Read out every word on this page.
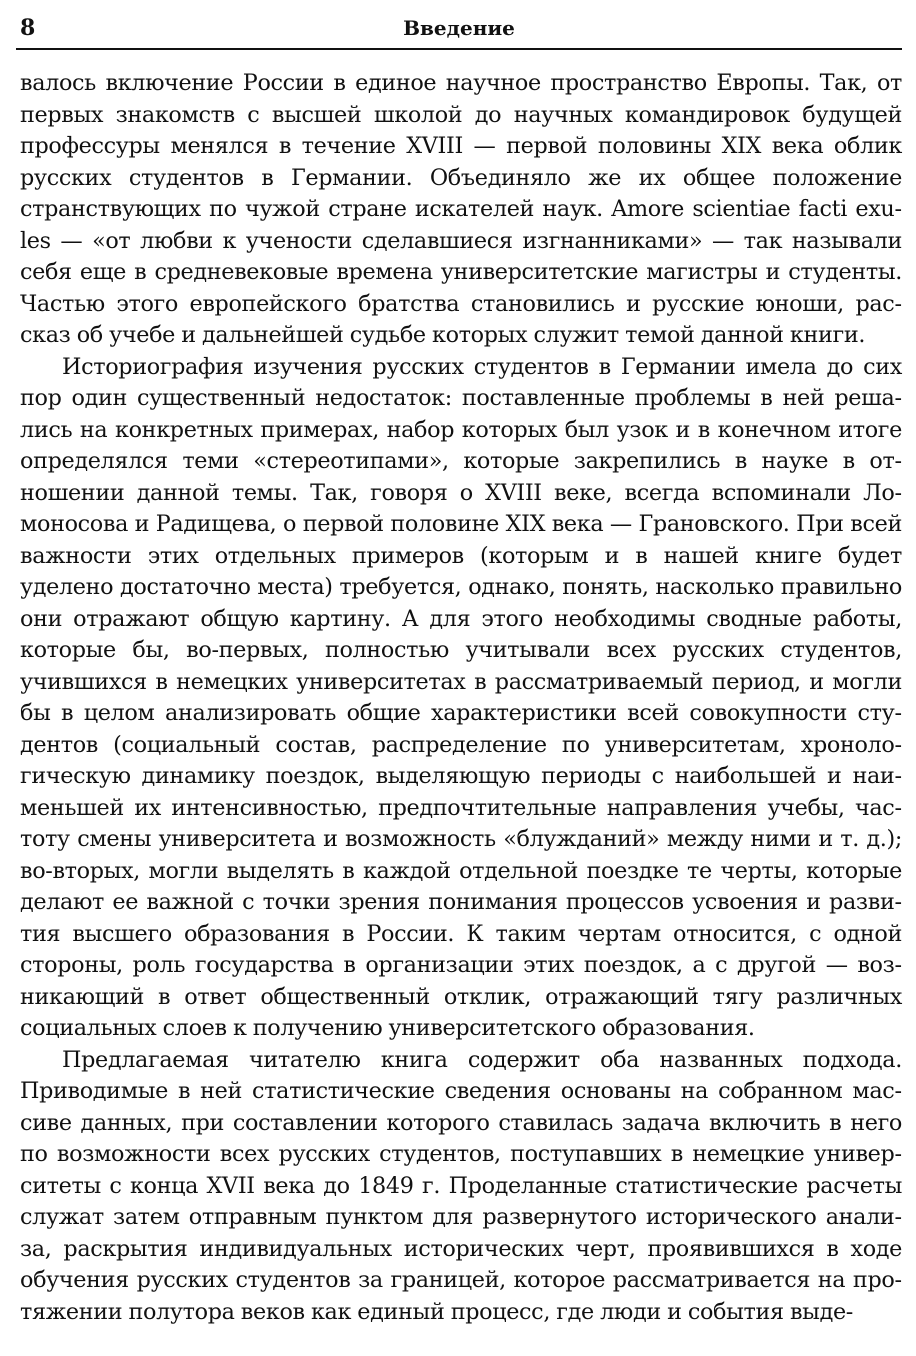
8	Введение

валось включение России в единое научное пространство Европы. Так, от первых знакомств с высшей школой до научных командировок будущей профессуры менялся в течение XVIII — первой половины XIX века облик русских студентов в Германии. Объединяло же их общее положение странствующих по чужой стране искателей наук. Amore scientiae facti exules — «от любви к учености сделавшиеся изгнанниками» — так называли себя еще в средневековые времена университетские магистры и студенты. Частью этого европейского братства становились и русские юноши, рассказ об учебе и дальнейшей судьбе которых служит темой данной книги.

Историография изучения русских студентов в Германии имела до сих пор один существенный недостаток: поставленные проблемы в ней решались на конкретных примерах, набор которых был узок и в конечном итоге определялся теми «стереотипами», которые закрепились в науке в отношении данной темы. Так, говоря о XVIII веке, всегда вспоминали Ломоносова и Радищева, о первой половине XIX века — Грановского. При всей важности этих отдельных примеров (которым и в нашей книге будет уделено достаточно места) требуется, однако, понять, насколько правильно они отражают общую картину. А для этого необходимы сводные работы, которые бы, во-первых, полностью учитывали всех русских студентов, учившихся в немецких университетах в рассматриваемый период, и могли бы в целом анализировать общие характеристики всей совокупности студентов (социальный состав, распределение по университетам, хронологическую динамику поездок, выделяющую периоды с наибольшей и наименьшей их интенсивностью, предпочтительные направления учебы, частоту смены университета и возможность «блужданий» между ними и т. д.); во-вторых, могли выделять в каждой отдельной поездке те черты, которые делают ее важной с точки зрения понимания процессов усвоения и развития высшего образования в России. К таким чертам относится, с одной стороны, роль государства в организации этих поездок, а с другой — возникающий в ответ общественный отклик, отражающий тягу различных социальных слоев к получению университетского образования.

Предлагаемая читателю книга содержит оба названных подхода. Приводимые в ней статистические сведения основаны на собранном массиве данных, при составлении которого ставилась задача включить в него по возможности всех русских студентов, поступавших в немецкие университеты с конца XVII века до 1849 г. Проделанные статистические расчеты служат затем отправным пунктом для развернутого исторического анализа, раскрытия индивидуальных исторических черт, проявившихся в ходе обучения русских студентов за границей, которое рассматривается на протяжении полутора веков как единый процесс, где люди и события выде-
